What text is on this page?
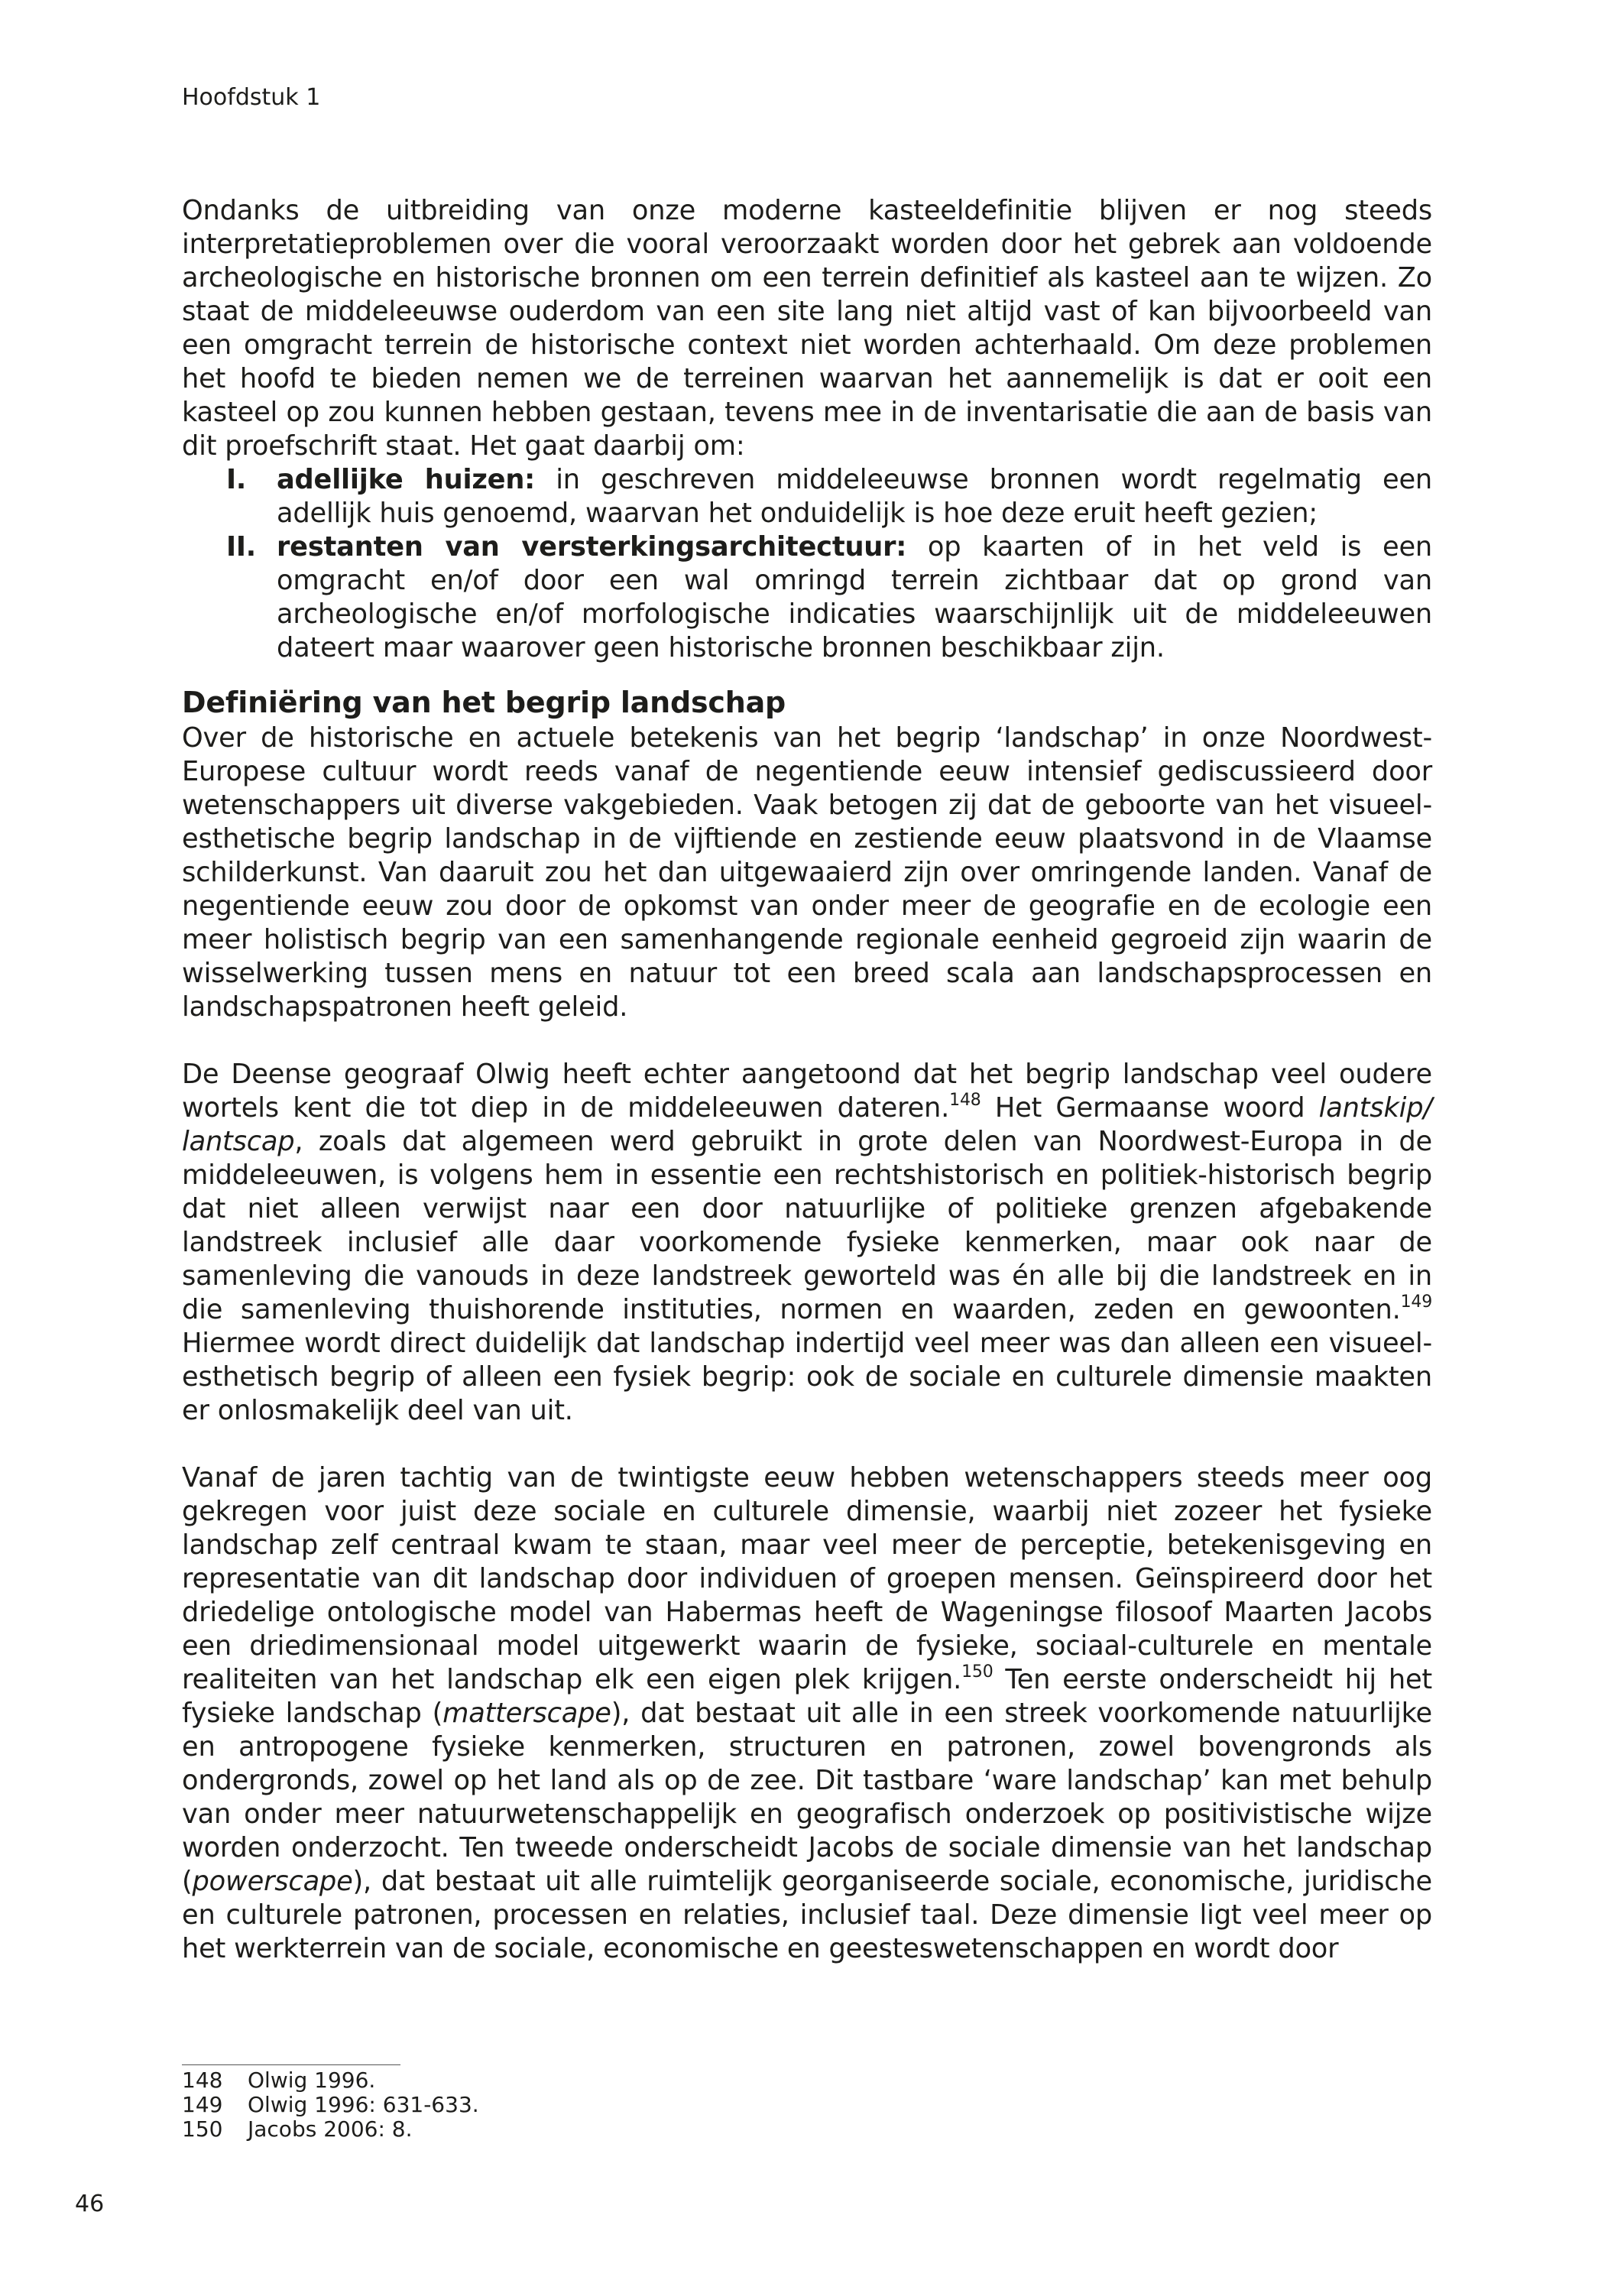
Hoofdstuk 1

Ondanks de uitbreiding van onze moderne kasteeldefinitie blijven er nog steeds interpretatieproblemen over die vooral veroorzaakt worden door het gebrek aan voldoende archeologische en historische bronnen om een terrein definitief als kasteel aan te wijzen. Zo staat de middeleeuwse ouderdom van een site lang niet altijd vast of kan bijvoorbeeld van een omgracht terrein de historische context niet worden achterhaald. Om deze problemen het hoofd te bieden nemen we de terreinen waarvan het aannemelijk is dat er ooit een kasteel op zou kunnen hebben gestaan, tevens mee in de inventarisatie die aan de basis van dit proefschrift staat. Het gaat daarbij om:

I. adellijke huizen: in geschreven middeleeuwse bronnen wordt regelmatig een adellijk huis genoemd, waarvan het onduidelijk is hoe deze eruit heeft gezien;
II. restanten van versterkingsarchitectuur: op kaarten of in het veld is een omgracht en/of door een wal omringd terrein zichtbaar dat op grond van archeologische en/of morfologische indicaties waarschijnlijk uit de middeleeuwen dateert maar waarover geen historische bronnen beschikbaar zijn.
Definiëring van het begrip landschap

Over de historische en actuele betekenis van het begrip ‘landschap’ in onze Noordwest-Europese cultuur wordt reeds vanaf de negentiende eeuw intensief gediscussieerd door wetenschappers uit diverse vakgebieden. Vaak betogen zij dat de geboorte van het visueel-esthetische begrip landschap in de vijftiende en zestiende eeuw plaatsvond in de Vlaamse schilderkunst. Van daaruit zou het dan uitgewaaierd zijn over omringende landen. Vanaf de negentiende eeuw zou door de opkomst van onder meer de geografie en de ecologie een meer holistisch begrip van een samenhangende regionale eenheid gegroeid zijn waarin de wisselwerking tussen mens en natuur tot een breed scala aan landschapsprocessen en landschapspatronen heeft geleid.

De Deense geograaf Olwig heeft echter aangetoond dat het begrip landschap veel oudere wortels kent die tot diep in de middeleeuwen dateren.$^{148}$ Het Germaanse woord lantskip/ lantscap, zoals dat algemeen werd gebruikt in grote delen van Noordwest-Europa in de middeleeuwen, is volgens hem in essentie een rechtshistorisch en politiek-historisch begrip dat niet alleen verwijst naar een door natuurlijke of politieke grenzen afgebakende landstreek inclusief alle daar voorkomende fysieke kenmerken, maar ook naar de samenleving die vanouds in deze landstreek geworteld was én alle bij die landstreek en in die samenleving thuishorende instituties, normen en waarden, zeden en gewoonten.$^{149}$ Hiermee wordt direct duidelijk dat landschap indertijd veel meer was dan alleen een visueel-esthetisch begrip of alleen een fysiek begrip: ook de sociale en culturele dimensie maakten er onlosmakelijk deel van uit.

Vanaf de jaren tachtig van de twintigste eeuw hebben wetenschappers steeds meer oog gekregen voor juist deze sociale en culturele dimensie, waarbij niet zozeer het fysieke landschap zelf centraal kwam te staan, maar veel meer de perceptie, betekenisgeving en representatie van dit landschap door individuen of groepen mensen. Geïnspireerd door het driedelige ontologische model van Habermas heeft de Wageningse filosoof Maarten Jacobs een driedimensionaal model uitgewerkt waarin de fysieke, sociaal-culturele en mentale realiteiten van het landschap elk een eigen plek krijgen.$^{150}$ Ten eerste onderscheidt hij het fysieke landschap (matterscape), dat bestaat uit alle in een streek voorkomende natuurlijke en antropogene fysieke kenmerken, structuren en patronen, zowel bovengronds als ondergronds, zowel op het land als op de zee. Dit tastbare ‘ware landschap’ kan met behulp van onder meer natuurwetenschappelijk en geografisch onderzoek op positivistische wijze worden onderzocht. Ten tweede onderscheidt Jacobs de sociale dimensie van het landschap (powerscape), dat bestaat uit alle ruimtelijk georganiseerde sociale, economische, juridische en culturele patronen, processen en relaties, inclusief taal. Deze dimensie ligt veel meer op het werkterrein van de sociale, economische en geesteswetenschappen en wordt door

148 Olwig 1996.
149 Olwig 1996: 631-633.
150 Jacobs 2006: 8.
46
